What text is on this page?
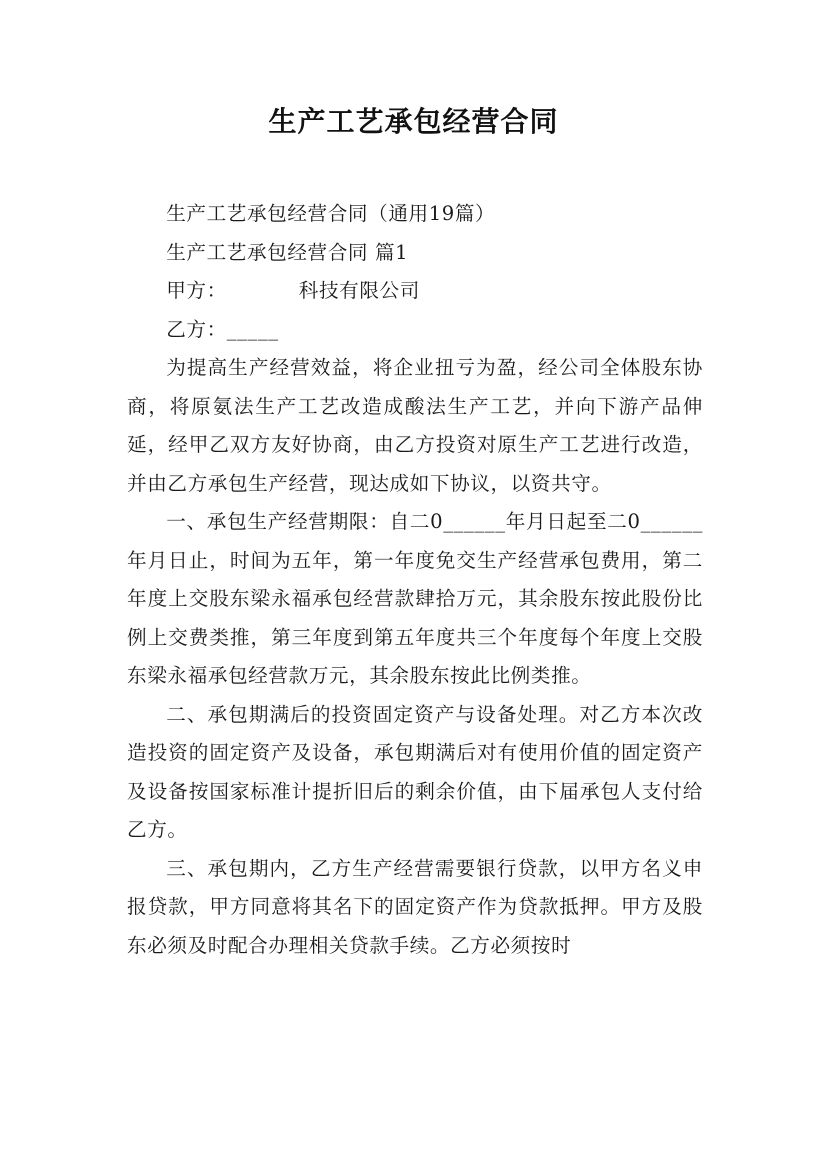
生产工艺承包经营合同

生产工艺承包经营合同（通用19篇）

生产工艺承包经营合同 篇1

甲方：	科技有限公司

乙方：_____

为提高生产经营效益，将企业扭亏为盈，经公司全体股东协商，将原氨法生产工艺改造成酸法生产工艺，并向下游产品伸延，经甲乙双方友好协商，由乙方投资对原生产工艺进行改造，并由乙方承包生产经营，现达成如下协议，以资共守。

一、承包生产经营期限：自二0______年月日起至二0______年月日止，时间为五年，第一年度免交生产经营承包费用，第二年度上交股东梁永福承包经营款肆拾万元，其余股东按此股份比例上交费类推，第三年度到第五年度共三个年度每个年度上交股东梁永福承包经营款万元，其余股东按此比例类推。

二、承包期满后的投资固定资产与设备处理。对乙方本次改造投资的固定资产及设备，承包期满后对有使用价值的固定资产及设备按国家标准计提折旧后的剩余价值，由下届承包人支付给乙方。

三、承包期内，乙方生产经营需要银行贷款，以甲方名义申报贷款，甲方同意将其名下的固定资产作为贷款抵押。甲方及股东必须及时配合办理相关贷款手续。乙方必须按时
